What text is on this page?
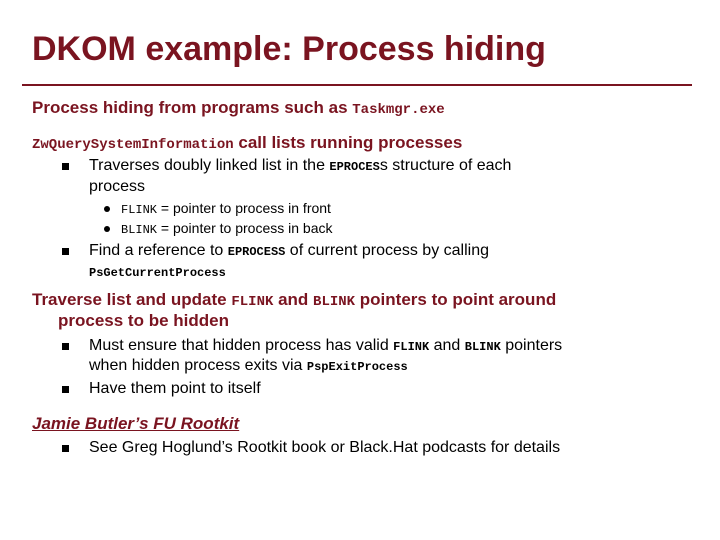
DKOM example: Process hiding
Process hiding from programs such as Taskmgr.exe
ZwQuerySystemInformation call lists running processes
Traverses doubly linked list in the EPROCESs structure of each
process
FLINK = pointer to process in front
BLINK = pointer to process in back
Find a reference to EPROCESS of current process by calling
PsGetCurrentProcess
Traverse list and update FLINK and BLINK pointers to point around
process to be hidden
Must ensure that hidden process has valid FLINK and BLINK pointers
when hidden process exits via PspExitProcess
Have them point to itself
Jamie Butler’s FU Rootkit
See Greg Hoglund’s Rootkit book or Black.Hat podcasts for details
